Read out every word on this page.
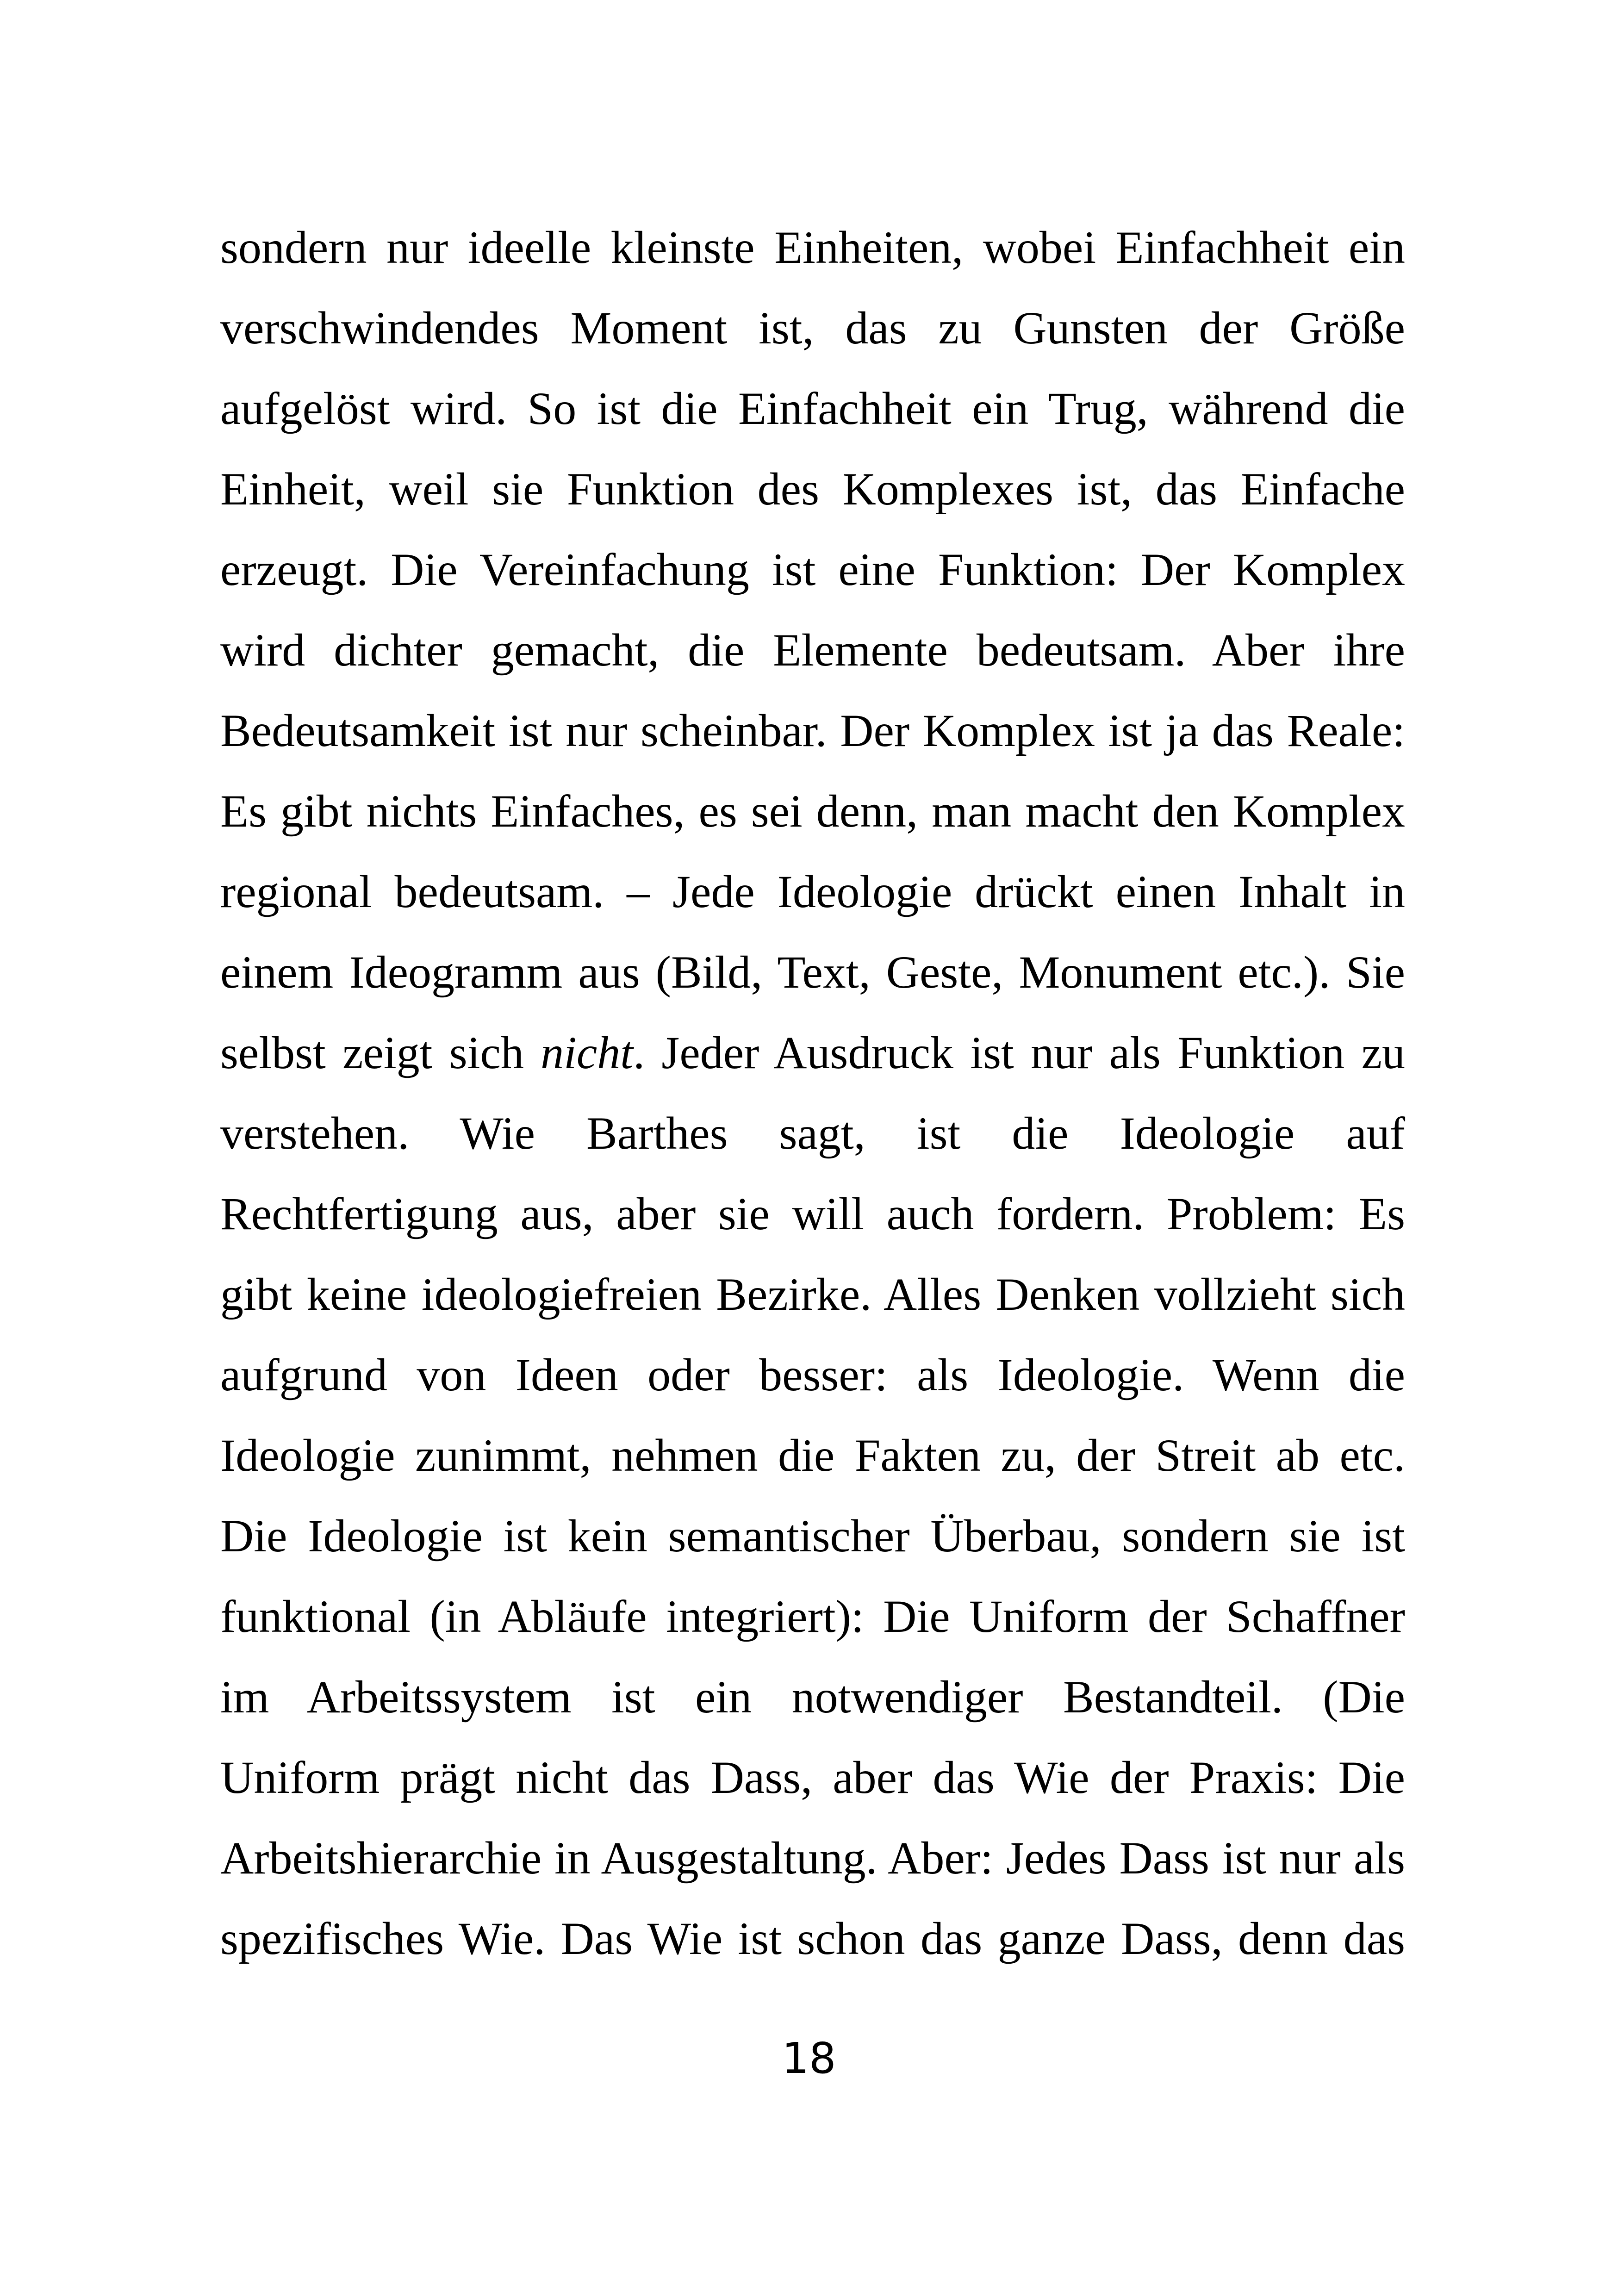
sondern nur ideelle kleinste Einheiten, wobei Einfachheit ein
verschwindendes Moment ist, das zu Gunsten der Größe
aufgelöst wird. So ist die Einfachheit ein Trug, während die
Einheit, weil sie Funktion des Komplexes ist, das Einfache
erzeugt. Die Vereinfachung ist eine Funktion: Der Komplex
wird dichter gemacht, die Elemente bedeutsam. Aber ihre
Bedeutsamkeit ist nur scheinbar. Der Komplex ist ja das Reale:
Es gibt nichts Einfaches, es sei denn, man macht den Komplex
regional bedeutsam. – Jede Ideologie drückt einen Inhalt in
einem Ideogramm aus (Bild, Text, Geste, Monument etc.). Sie
selbst zeigt sich nicht. Jeder Ausdruck ist nur als Funktion zu
verstehen. Wie Barthes sagt, ist die Ideologie auf
Rechtfertigung aus, aber sie will auch fordern. Problem: Es
gibt keine ideologiefreien Bezirke. Alles Denken vollzieht sich
aufgrund von Ideen oder besser: als Ideologie. Wenn die
Ideologie zunimmt, nehmen die Fakten zu, der Streit ab etc.
Die Ideologie ist kein semantischer Überbau, sondern sie ist
funktional (in Abläufe integriert): Die Uniform der Schaffner
im Arbeitssystem ist ein notwendiger Bestandteil. (Die
Uniform prägt nicht das Dass, aber das Wie der Praxis: Die
Arbeitshierarchie in Ausgestaltung. Aber: Jedes Dass ist nur als
spezifisches Wie. Das Wie ist schon das ganze Dass, denn das
18
